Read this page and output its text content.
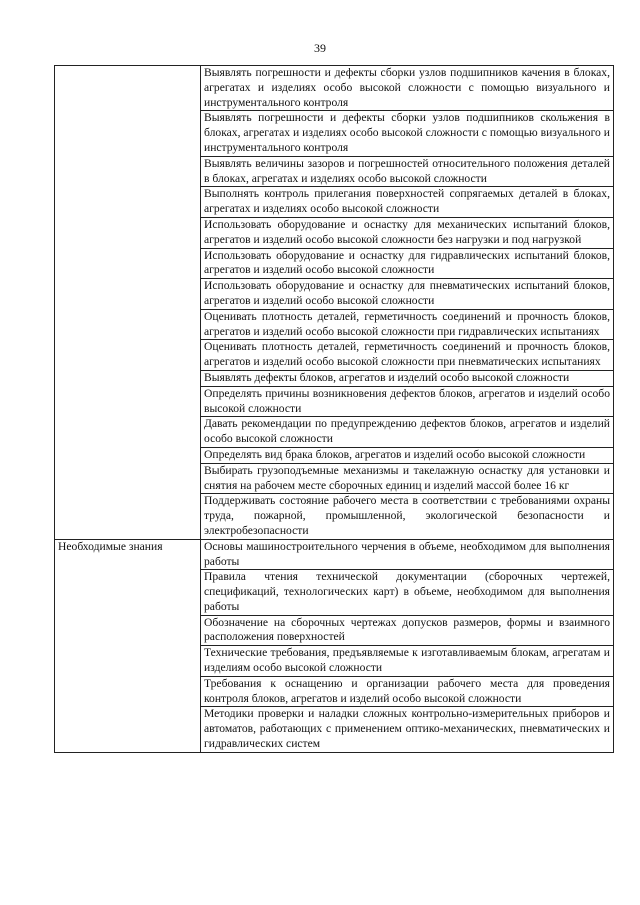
39
	Выявлять погрешности и дефекты сборки узлов подшипников качения в блоках, агрегатах и изделиях особо высокой сложности с помощью визуального и инструментального контроля
	Выявлять погрешности и дефекты сборки узлов подшипников скольжения в блоках, агрегатах и изделиях особо высокой сложности с помощью визуального и инструментального контроля
	Выявлять величины зазоров и погрешностей относительного положения деталей в блоках, агрегатах и изделиях особо высокой сложности
	Выполнять контроль прилегания поверхностей сопрягаемых деталей в блоках, агрегатах и изделиях особо высокой сложности
	Использовать оборудование и оснастку для механических испытаний блоков, агрегатов и изделий особо высокой сложности без нагрузки и под нагрузкой
	Использовать оборудование и оснастку для гидравлических испытаний блоков, агрегатов и изделий особо высокой сложности
	Использовать оборудование и оснастку для пневматических испытаний блоков, агрегатов и изделий особо высокой сложности
	Оценивать плотность деталей, герметичность соединений и прочность блоков, агрегатов и изделий особо высокой сложности при гидравлических испытаниях
	Оценивать плотность деталей, герметичность соединений и прочность блоков, агрегатов и изделий особо высокой сложности при пневматических испытаниях
	Выявлять дефекты блоков, агрегатов и изделий особо высокой сложности
	Определять причины возникновения дефектов блоков, агрегатов и изделий особо высокой сложности
	Давать рекомендации по предупреждению дефектов блоков, агрегатов и изделий особо высокой сложности
	Определять вид брака блоков, агрегатов и изделий особо высокой сложности
	Выбирать грузоподъемные механизмы и такелажную оснастку для установки и снятия на рабочем месте сборочных единиц и изделий массой более 16 кг
	Поддерживать состояние рабочего места в соответствии с требованиями охраны труда, пожарной, промышленной, экологической безопасности и электробезопасности
Необходимые знания	Основы машиностроительного черчения в объеме, необходимом для выполнения работы
	Правила чтения технической документации (сборочных чертежей, спецификаций, технологических карт) в объеме, необходимом для выполнения работы
	Обозначение на сборочных чертежах допусков размеров, формы и взаимного расположения поверхностей
	Технические требования, предъявляемые к изготавливаемым блокам, агрегатам и изделиям особо высокой сложности
	Требования к оснащению и организации рабочего места для проведения контроля блоков, агрегатов и изделий особо высокой сложности
	Методики проверки и наладки сложных контрольно-измерительных приборов и автоматов, работающих с применением оптико-механических, пневматических и гидравлических систем
